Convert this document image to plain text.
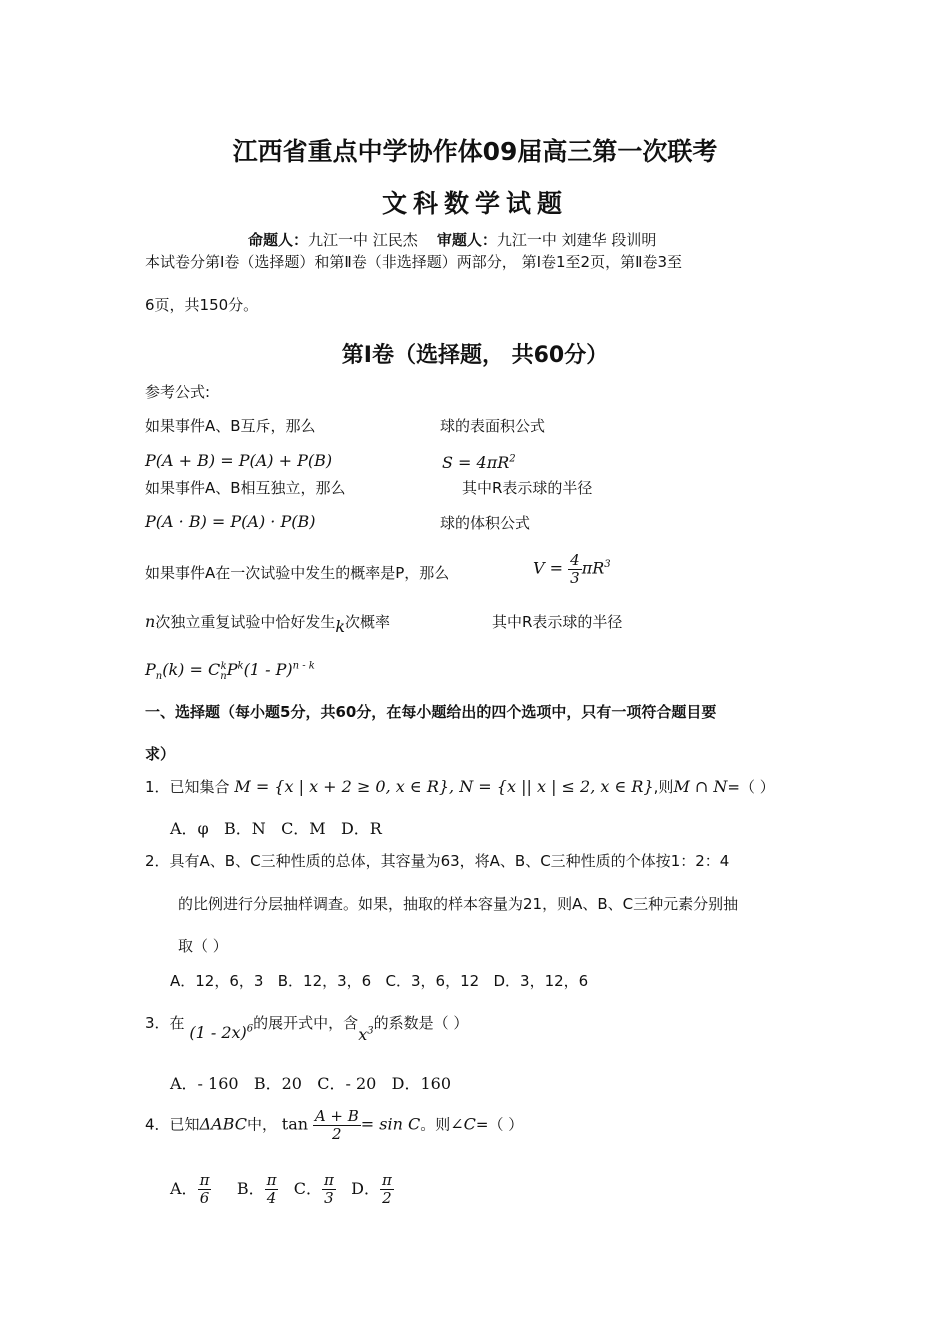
江西省重点中学协作体09届高三第一次联考
文科数学试题
命题人：九江一中 江民杰 审题人：九江一中 刘建华 段训明
本试卷分第Ⅰ卷（选择题）和第Ⅱ卷（非选择题）两部分， 第Ⅰ卷1至2页，第Ⅱ卷3至
6页，共150分。
第Ⅰ卷（选择题， 共60分）
参考公式:
如果事件A、B互斥，那么	球的表面积公式
P(A + B) = P(A) + P(B)	$S = 4\pi R^2$
如果事件A、B相互独立，那么	其中R表示球的半径
P(A · B) = P(A) · P(B)	球的体积公式
如果事件A在一次试验中发生的概率是P，那么	$V = \frac{4}{3} \pi R^3$
n次独立重复试验中恰好发生k次概率	其中R表示球的半径
$P_n(k) = C_n^kP^k(1 - P)^{n - k}$
一、选择题（每小题5分，共60分，在每小题给出的四个选项中，只有一项符合题目要
求）
1．已知集合 M = {x | x + 2 ≥ 0, x ∈ R}, N = {x || x | ≤ 2, x ∈ R},则M ∩ N=（ ）
A．φ B．N C．M D．R
2．具有A、B、C三种性质的总体，其容量为63，将A、B、C三种性质的个体按1：2：4
的比例进行分层抽样调查。如果，抽取的样本容量为21，则A、B、C三种元素分别抽
取（ ）
A．12，6，3 B．12，3，6 C．3，6，12 D．3，12，6
3．在 (1 - 2x)$^6$的展开式中，含$x^3$的系数是（ ）
A．- 160 B．20 C．- 20 D．160
4．已知ΔABC中， $\tan \frac{A + B}{2} = \sin C$。则∠C=（ ）
A． $\frac{\pi}{6}$ B． $\frac{\pi}{4}$ C． $\frac{\pi}{3}$ D． $\frac{\pi}{2}$
